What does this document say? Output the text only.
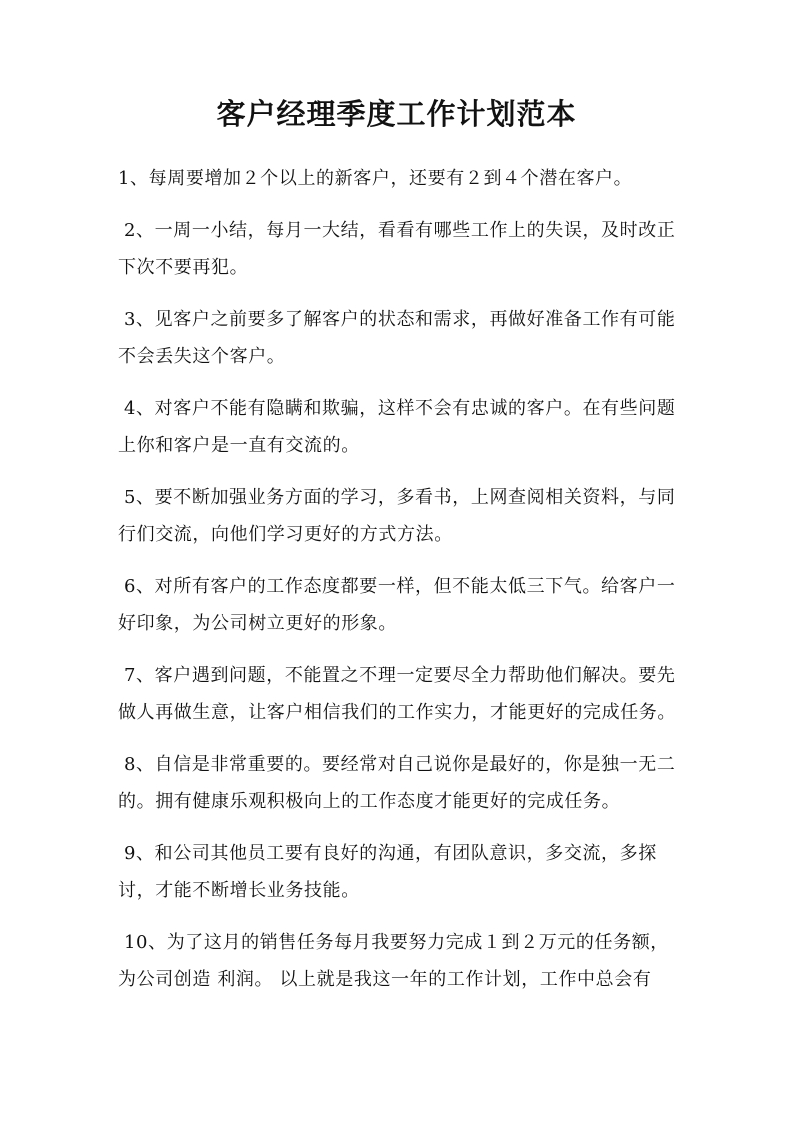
客户经理季度工作计划范本

1、每周要增加２个以上的新客户，还要有２到４个潜在客户。

2、一周一小结，每月一大结，看看有哪些工作上的失误，及时改正下次不要再犯。

3、见客户之前要多了解客户的状态和需求，再做好准备工作有可能不会丢失这个客户。

4、对客户不能有隐瞒和欺骗，这样不会有忠诚的客户。在有些问题上你和客户是一直有交流的。

5、要不断加强业务方面的学习，多看书，上网查阅相关资料，与同行们交流，向他们学习更好的方式方法。

6、对所有客户的工作态度都要一样，但不能太低三下气。给客户一好印象，为公司树立更好的形象。

7、客户遇到问题，不能置之不理一定要尽全力帮助他们解决。要先做人再做生意，让客户相信我们的工作实力，才能更好的完成任务。

8、自信是非常重要的。要经常对自己说你是最好的，你是独一无二的。拥有健康乐观积极向上的工作态度才能更好的完成任务。

9、和公司其他员工要有良好的沟通，有团队意识，多交流，多探讨，才能不断增长业务技能。

10、为了这月的销售任务每月我要努力完成１到２万元的任务额，为公司创造 利润。 以上就是我这一年的工作计划，工作中总会有
